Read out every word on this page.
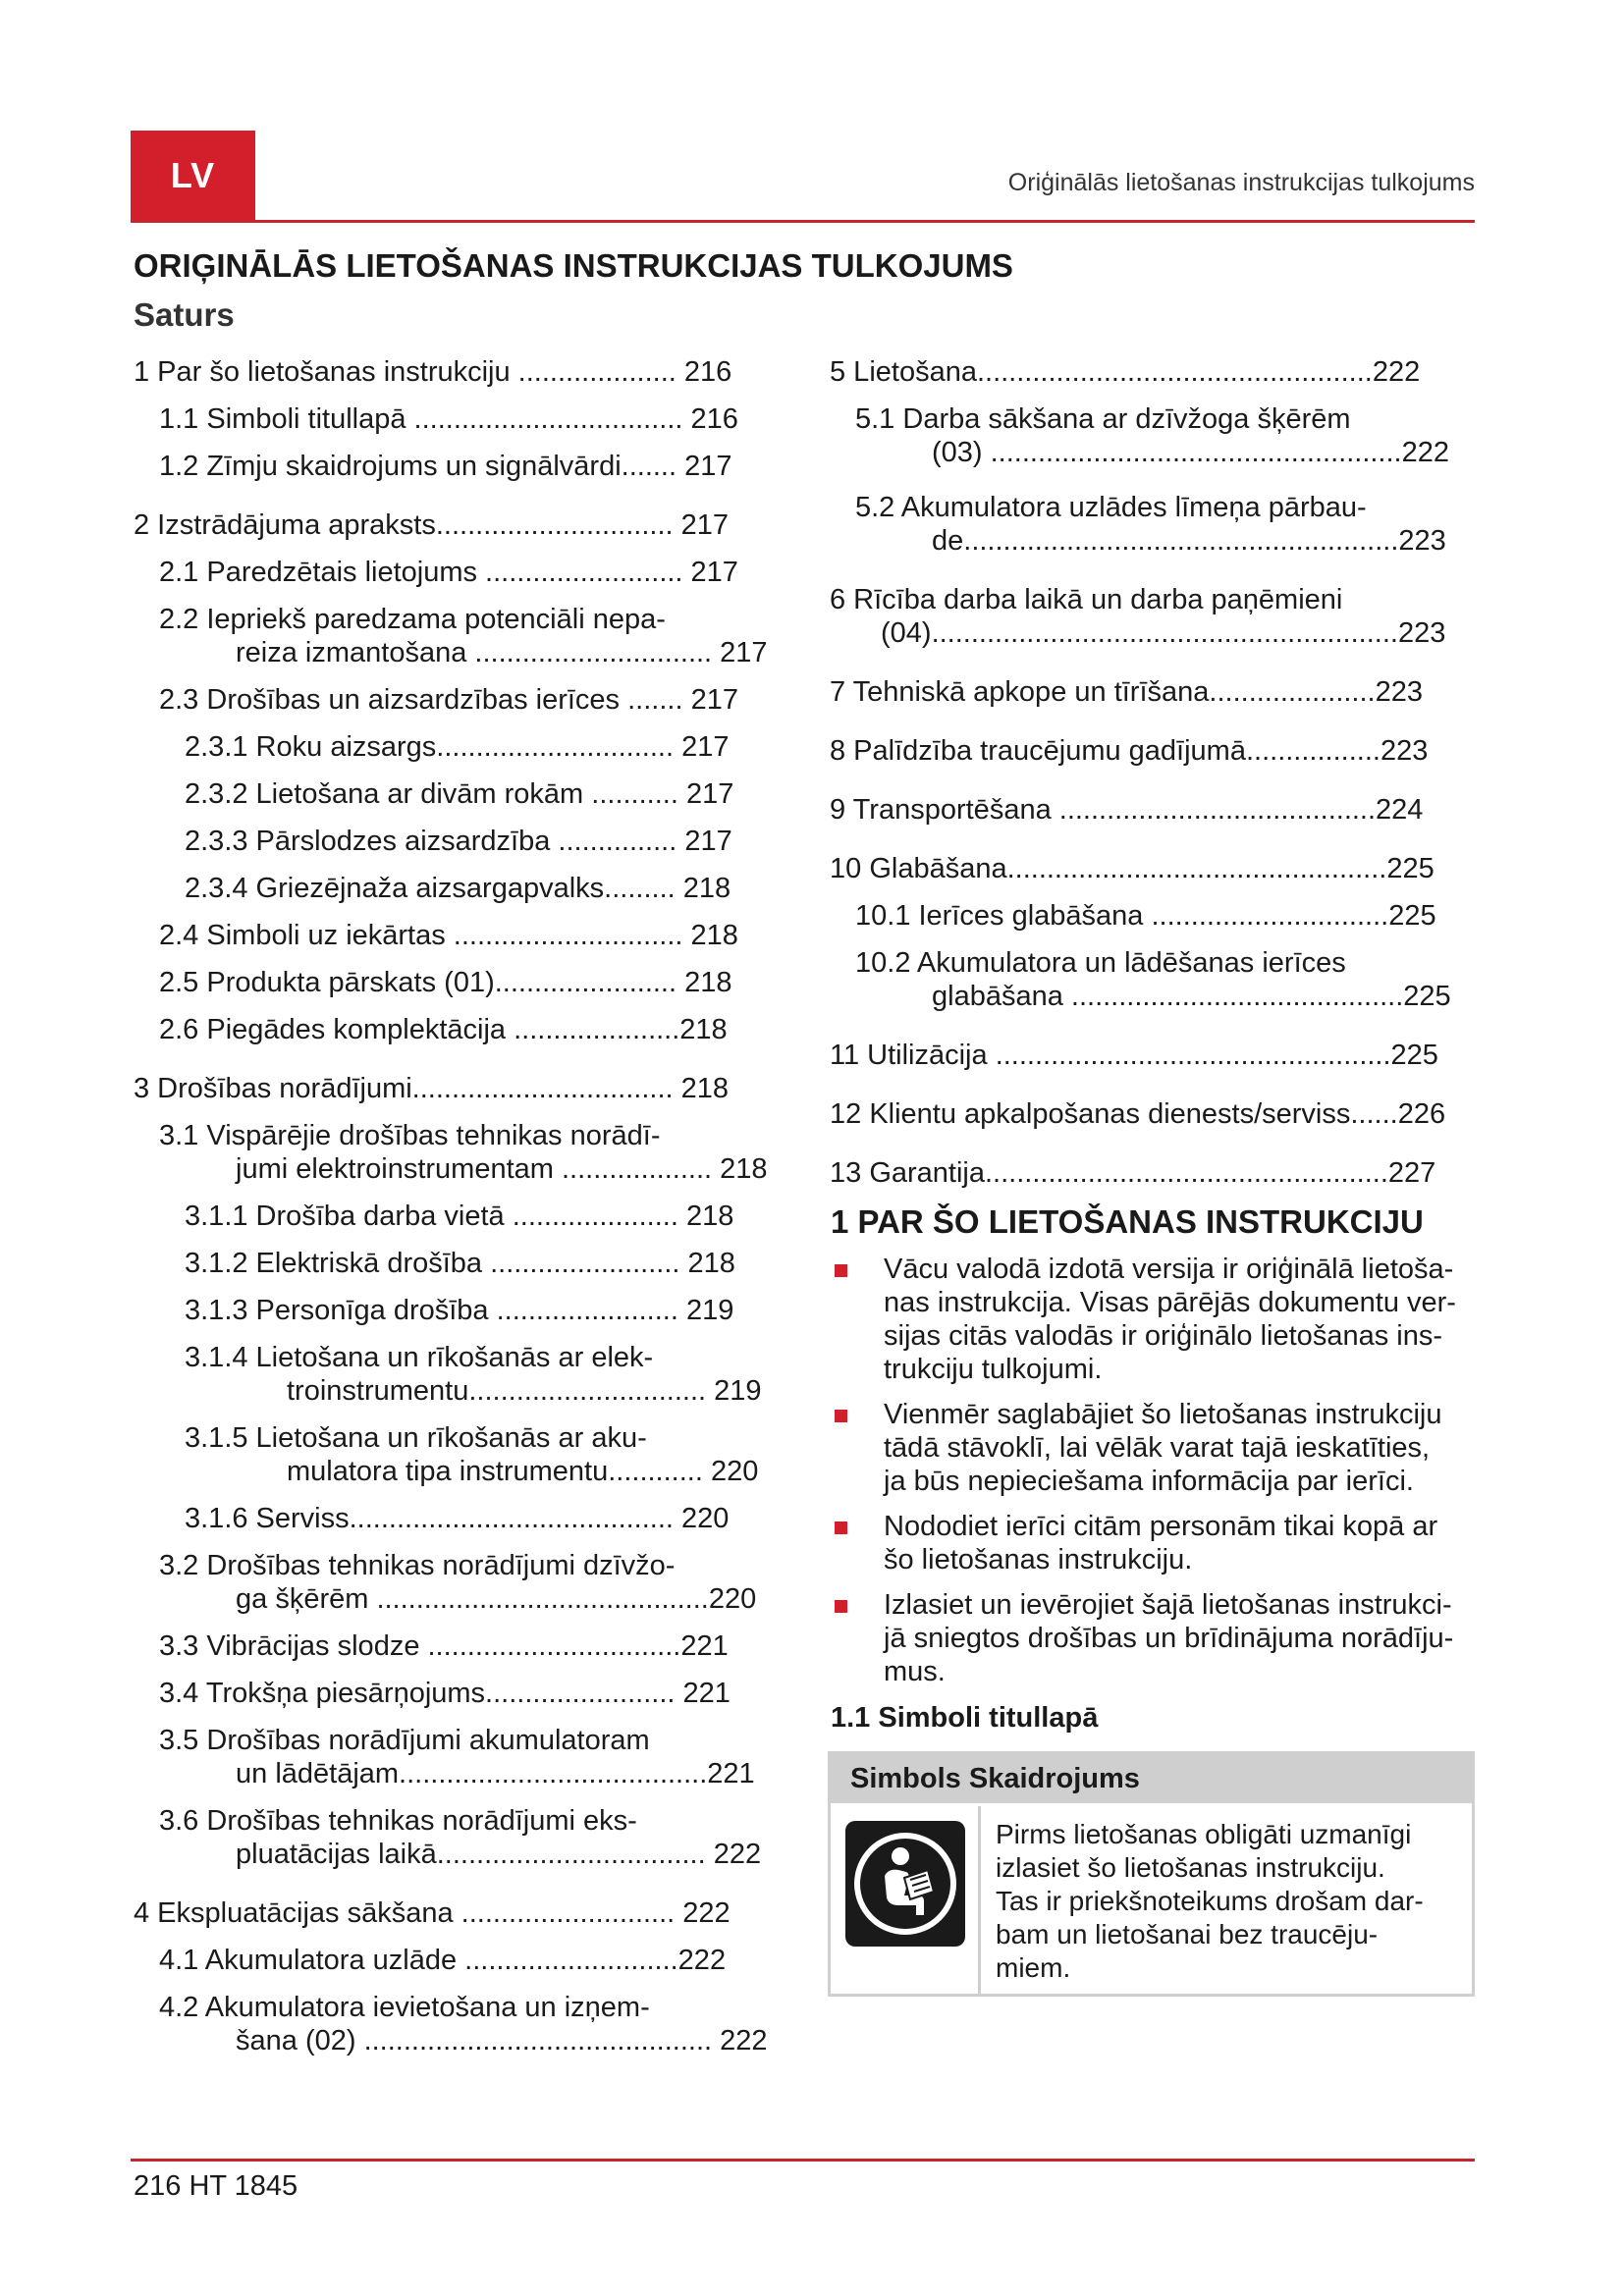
LV	Oriģinālās lietošanas instrukcijas tulkojums
ORIĢINĀLĀS LIETOŠANAS INSTRUKCIJAS TULKOJUMS
Saturs
1 Par šo lietošanas instrukciju .................... 216
1.1 Simboli titullapā .................................. 216
1.2 Zīmju skaidrojums un signālvārdi....... 217
2 Izstrādājuma apraksts.............................. 217
2.1 Paredzētais lietojums ......................... 217
2.2 Iepriekš paredzama potenciāli nepa-
reiza izmantošana .............................. 217
2.3 Drošības un aizsardzības ierīces ....... 217
2.3.1 Roku aizsargs.............................. 217
2.3.2 Lietošana ar divām rokām ........... 217
2.3.3 Pārslodzes aizsardzība ............... 217
2.3.4 Griezējnaža aizsargapvalks......... 218
2.4 Simboli uz iekārtas ............................. 218
2.5 Produkta pārskats (01)....................... 218
2.6 Piegādes komplektācija .....................218
3 Drošības norādījumi................................. 218
3.1 Vispārējie drošības tehnikas norādī-
jumi elektroinstrumentam ................... 218
3.1.1 Drošība darba vietā ..................... 218
3.1.2 Elektriskā drošība ........................ 218
3.1.3 Personīga drošība ....................... 219
3.1.4 Lietošana un rīkošanās ar elek-
troinstrumentu.............................. 219
3.1.5 Lietošana un rīkošanās ar aku-
mulatora tipa instrumentu............ 220
3.1.6 Serviss......................................... 220
3.2 Drošības tehnikas norādījumi dzīvžo-
ga šķērēm ..........................................220
3.3 Vibrācijas slodze ................................221
3.4 Trokšņa piesārņojums........................ 221
3.5 Drošības norādījumi akumulatoram
un lādētājam.......................................221
3.6 Drošības tehnikas norādījumi eks-
pluatācijas laikā.................................. 222
4 Ekspluatācijas sākšana ........................... 222
4.1 Akumulatora uzlāde ...........................222
4.2 Akumulatora ievietošana un izņem-
šana (02) ............................................ 222
5 Lietošana..................................................222
5.1 Darba sākšana ar dzīvžoga šķērēm
(03) ....................................................222
5.2 Akumulatora uzlādes līmeņa pārbau-
de.......................................................223
6 Rīcība darba laikā un darba paņēmieni
(04)...........................................................223
7 Tehniskā apkope un tīrīšana.....................223
8 Palīdzība traucējumu gadījumā.................223
9 Transportēšana ........................................224
10 Glabāšana................................................225
10.1 Ierīces glabāšana ..............................225
10.2 Akumulatora un lādēšanas ierīces
glabāšana ..........................................225
11 Utilizācija ..................................................225
12 Klientu apkalpošanas dienests/serviss......226
13 Garantija...................................................227
1 PAR ŠO LIETOŠANAS INSTRUKCIJU
Vācu valodā izdotā versija ir oriģinālā lietoša-
nas instrukcija. Visas pārējās dokumentu ver-
sijas citās valodās ir oriģinālo lietošanas ins-
trukciju tulkojumi.
Vienmēr saglabājiet šo lietošanas instrukciju
tādā stāvoklī, lai vēlāk varat tajā ieskatīties,
ja būs nepieciešama informācija par ierīci.
Nododiet ierīci citām personām tikai kopā ar
šo lietošanas instrukciju.
Izlasiet un ievērojiet šajā lietošanas instrukci-
jā sniegtos drošības un brīdinājuma norādīju-
mus.
1.1 Simboli titullapā
Simbols Skaidrojums
Pirms lietošanas obligāti uzmanīgi
izlasiet šo lietošanas instrukciju.
Tas ir priekšnoteikums drošam dar-
bam un lietošanai bez traucēju-
miem.
216 HT 1845
